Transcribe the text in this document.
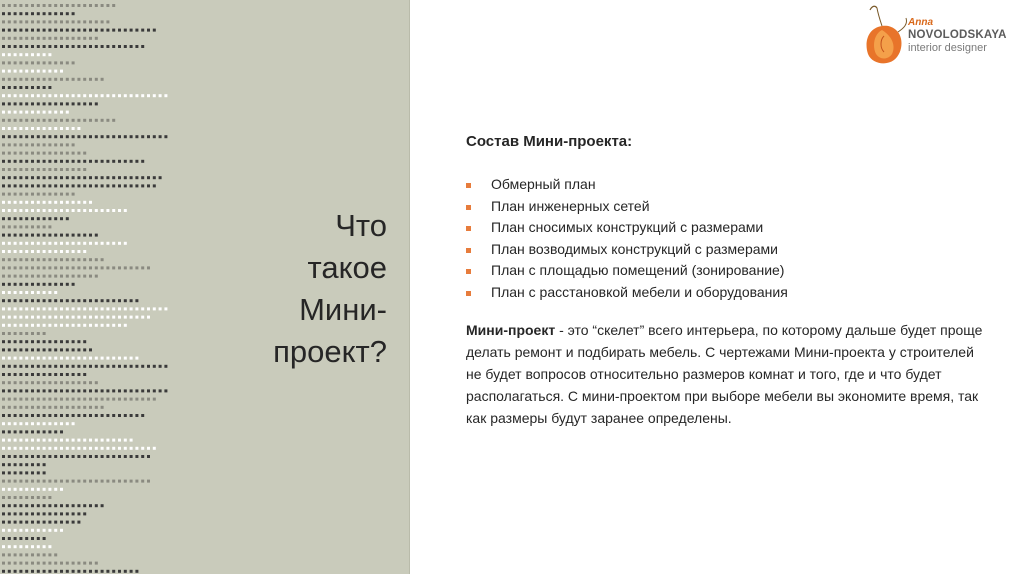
Что
такое
Мини-
проект?
Anna
NOVOLODSKAYA
interior designer
Состав Мини-проекта:
Обмерный план
План инженерных сетей
План сносимых конструкций с размерами
План возводимых конструкций с размерами
План с площадью помещений (зонирование)
План с расстановкой мебели и оборудования

Мини-проект - это “скелет” всего интерьера, по которому дальше будет проще делать ремонт и подбирать мебель. С чертежами Мини-проекта у строителей не будет вопросов относительно размеров комнат и того, где и что будет располагаться. С мини-проектом при выборе мебели вы экономите время, так как размеры будут заранее определены.
